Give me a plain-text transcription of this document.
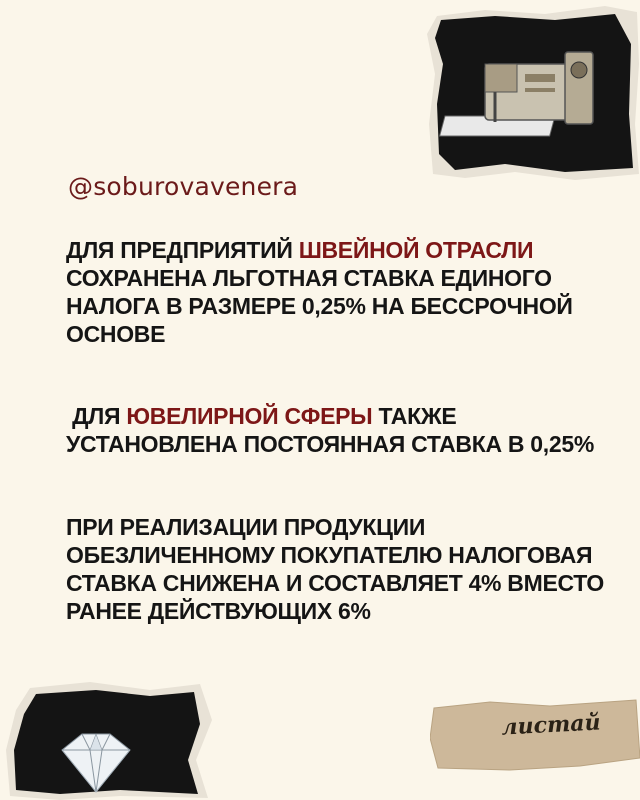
@soburovavenera
ДЛЯ ПРЕДПРИЯТИЙ ШВЕЙНОЙ ОТРАСЛИ СОХРАНЕНА ЛЬГОТНАЯ СТАВКА ЕДИНОГО НАЛОГА В РАЗМЕРЕ 0,25% НА БЕССРОЧНОЙ ОСНОВЕ
ДЛЯ ЮВЕЛИРНОЙ СФЕРЫ ТАКЖЕ УСТАНОВЛЕНА ПОСТОЯННАЯ СТАВКА В 0,25%
ПРИ РЕАЛИЗАЦИИ ПРОДУКЦИИ ОБЕЗЛИЧЕННОМУ ПОКУПАТЕЛЮ НАЛОГОВАЯ СТАВКА СНИЖЕНА И СОСТАВЛЯЕТ 4% ВМЕСТО РАНЕЕ ДЕЙСТВУЮЩИХ 6%
листай
